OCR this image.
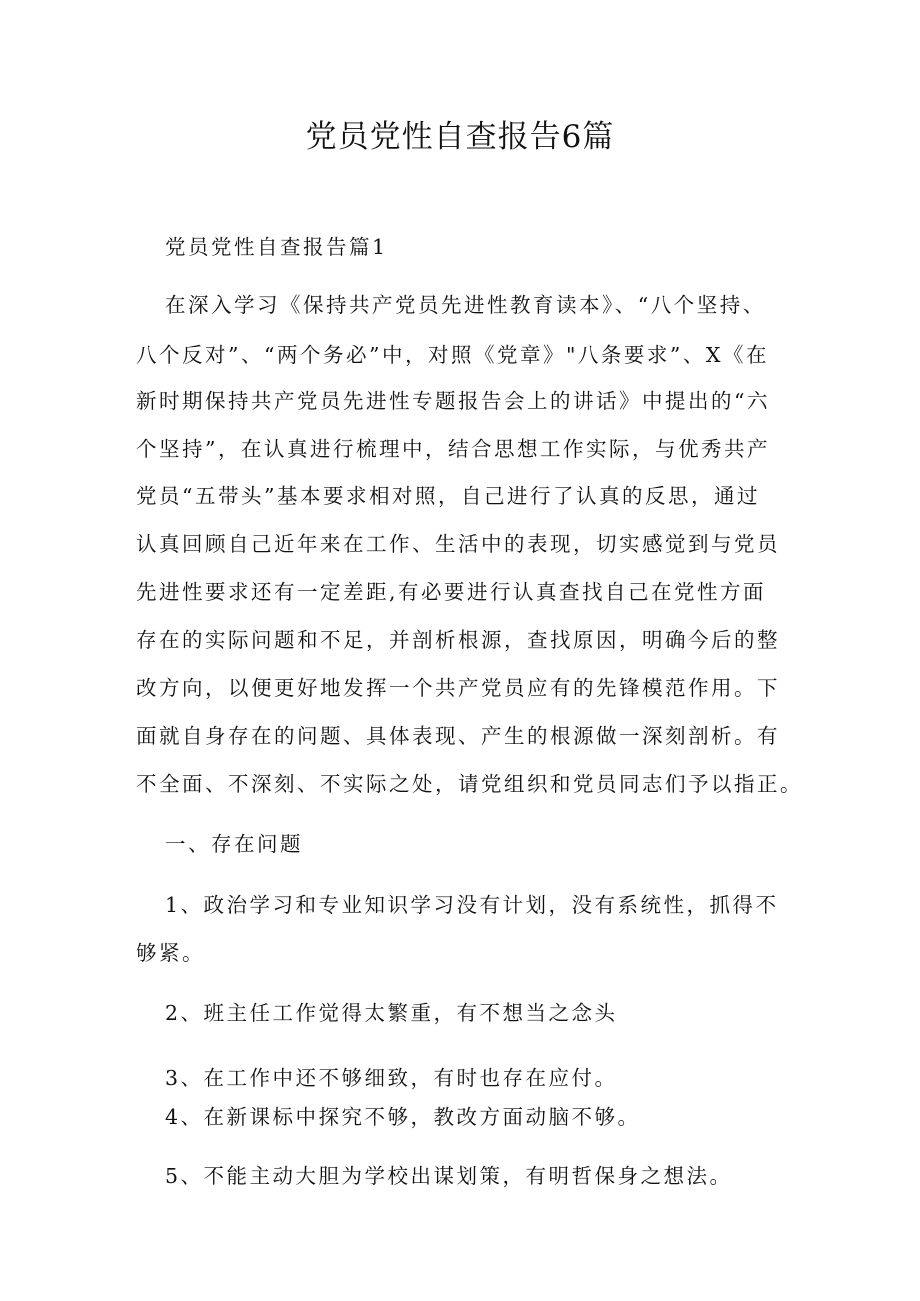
党员党性自查报告6篇

党员党性自查报告篇1

在深入学习《保持共产党员先进性教育读本》、“八个坚持、

八个反对”、“两个务必”中，对照《党章》"八条要求”、X《在

新时期保持共产党员先进性专题报告会上的讲话》中提出的“六

个坚持”，在认真进行梳理中，结合思想工作实际，与优秀共产

党员“五带头”基本要求相对照，自己进行了认真的反思，通过

认真回顾自己近年来在工作、生活中的表现，切实感觉到与党员

先进性要求还有一定差距,有必要进行认真查找自己在党性方面

存在的实际问题和不足，并剖析根源，查找原因，明确今后的整

改方向，以便更好地发挥一个共产党员应有的先锋模范作用。下

面就自身存在的问题、具体表现、产生的根源做一深刻剖析。有

不全面、不深刻、不实际之处，请党组织和党员同志们予以指正。

一、存在问题

1、政治学习和专业知识学习没有计划，没有系统性，抓得不

够紧。

2、班主任工作觉得太繁重，有不想当之念头

3、在工作中还不够细致，有时也存在应付。

4、在新课标中探究不够，教改方面动脑不够。

5、不能主动大胆为学校出谋划策，有明哲保身之想法。
